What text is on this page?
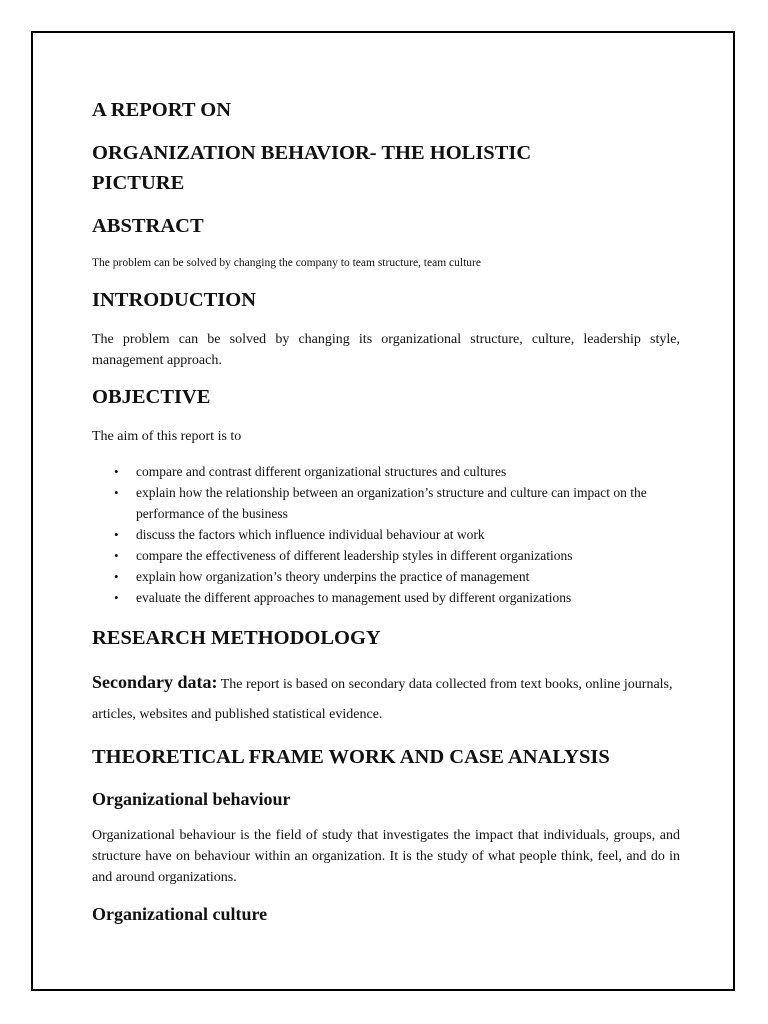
A REPORT ON
ORGANIZATION BEHAVIOR- THE HOLISTIC
PICTURE
ABSTRACT

The problem can be solved by changing the company to team structure, team culture

INTRODUCTION

The problem can be solved by changing its organizational structure, culture, leadership style, management approach.

OBJECTIVE

The aim of this report is to

• compare and contrast different organizational structures and cultures
• explain how the relationship between an organization’s structure and culture can impact on the performance of the business
• discuss the factors which influence individual behaviour at work
• compare the effectiveness of different leadership styles in different organizations
• explain how organization’s theory underpins the practice of management
• evaluate the different approaches to management used by different organizations
RESEARCH METHODOLOGY

Secondary data: The report is based on secondary data collected from text books, online journals, articles, websites and published statistical evidence.

THEORETICAL FRAME WORK AND CASE ANALYSIS
Organizational behaviour

Organizational behaviour is the field of study that investigates the impact that individuals, groups, and structure have on behaviour within an organization. It is the study of what people think, feel, and do in and around organizations.

Organizational culture
